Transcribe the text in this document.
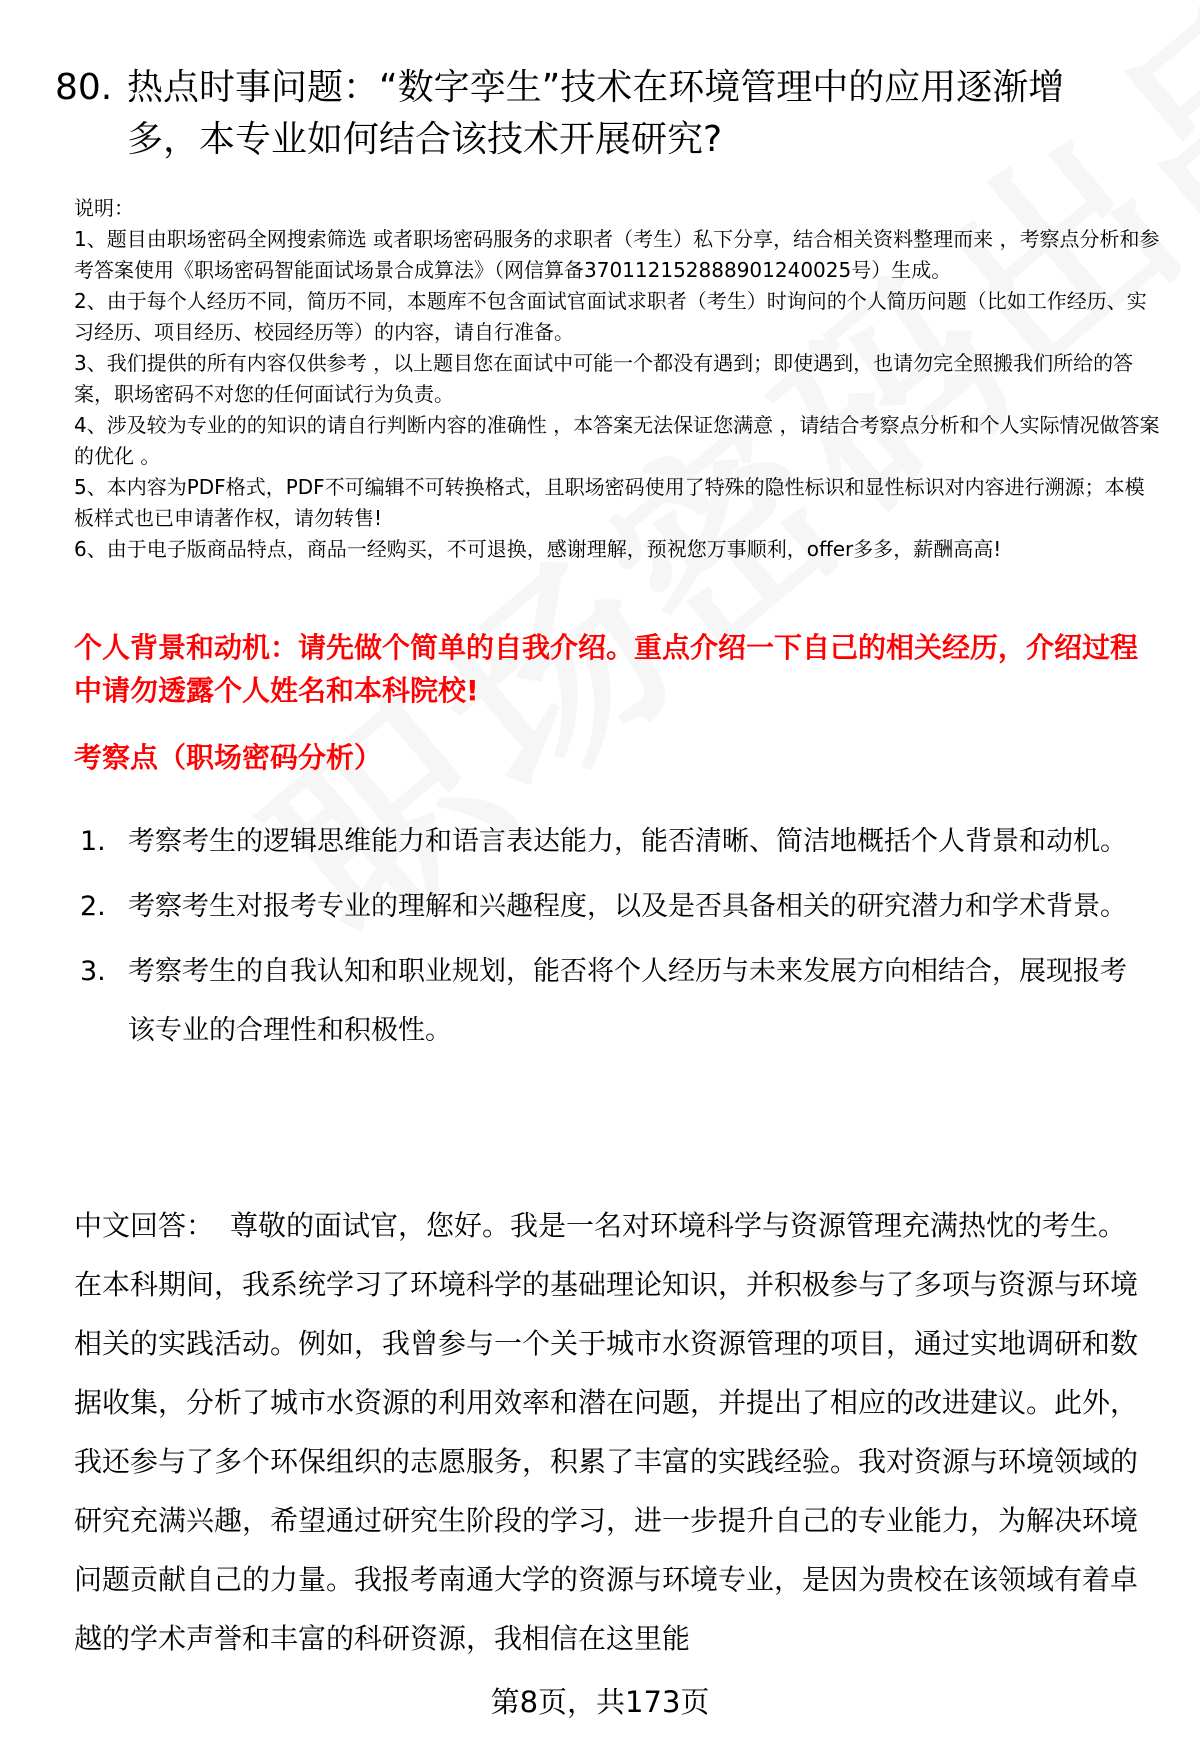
80. 热点时事问题：“数字孪生”技术在环境管理中的应用逐渐增多，本专业如何结合该技术开展研究?

说明：

1、题目由职场密码全网搜索筛选 或者职场密码服务的求职者（考生）私下分享，结合相关资料整理而来 ，考察点分析和参考答案使用《职场密码智能面试场景合成算法》（网信算备370112152888901240025号）生成。

2、由于每个人经历不同，简历不同，本题库不包含面试官面试求职者（考生）时询问的个人简历问题（比如工作经历、实习经历、项目经历、校园经历等）的内容，请自行准备。

3、我们提供的所有内容仅供参考 ，以上题目您在面试中可能一个都没有遇到；即使遇到，也请勿完全照搬我们所给的答案，职场密码不对您的任何面试行为负责。

4、涉及较为专业的的知识的请自行判断内容的准确性 ，本答案无法保证您满意 ，请结合考察点分析和个人实际情况做答案的优化 。

5、本内容为PDF格式，PDF不可编辑不可转换格式，且职场密码使用了特殊的隐性标识和显性标识对内容进行溯源；本模板样式也已申请著作权，请勿转售!

6、由于电子版商品特点，商品一经购买，不可退换，感谢理解，预祝您万事顺利，offer多多，薪酬高高!

个人背景和动机：请先做个简单的自我介绍。重点介绍一下自己的相关经历，介绍过程中请勿透露个人姓名和本科院校!
考察点（职场密码分析）
1. 考察考生的逻辑思维能力和语言表达能力，能否清晰、简洁地概括个人背景和动机。
2. 考察考生对报考专业的理解和兴趣程度，以及是否具备相关的研究潜力和学术背景。
3. 考察考生的自我认知和职业规划，能否将个人经历与未来发展方向相结合，展现报考该专业的合理性和积极性。
中文回答： 尊敬的面试官，您好。我是一名对环境科学与资源管理充满热忱的考生。在本科期间，我系统学习了环境科学的基础理论知识，并积极参与了多项与资源与环境相关的实践活动。例如，我曾参与一个关于城市水资源管理的项目，通过实地调研和数据收集，分析了城市水资源的利用效率和潜在问题，并提出了相应的改进建议。此外，我还参与了多个环保组织的志愿服务，积累了丰富的实践经验。我对资源与环境领域的研究充满兴趣，希望通过研究生阶段的学习，进一步提升自己的专业能力，为解决环境问题贡献自己的力量。我报考南通大学的资源与环境专业，是因为贵校在该领域有着卓越的学术声誉和丰富的科研资源，我相信在这里能
第8页，共173页
